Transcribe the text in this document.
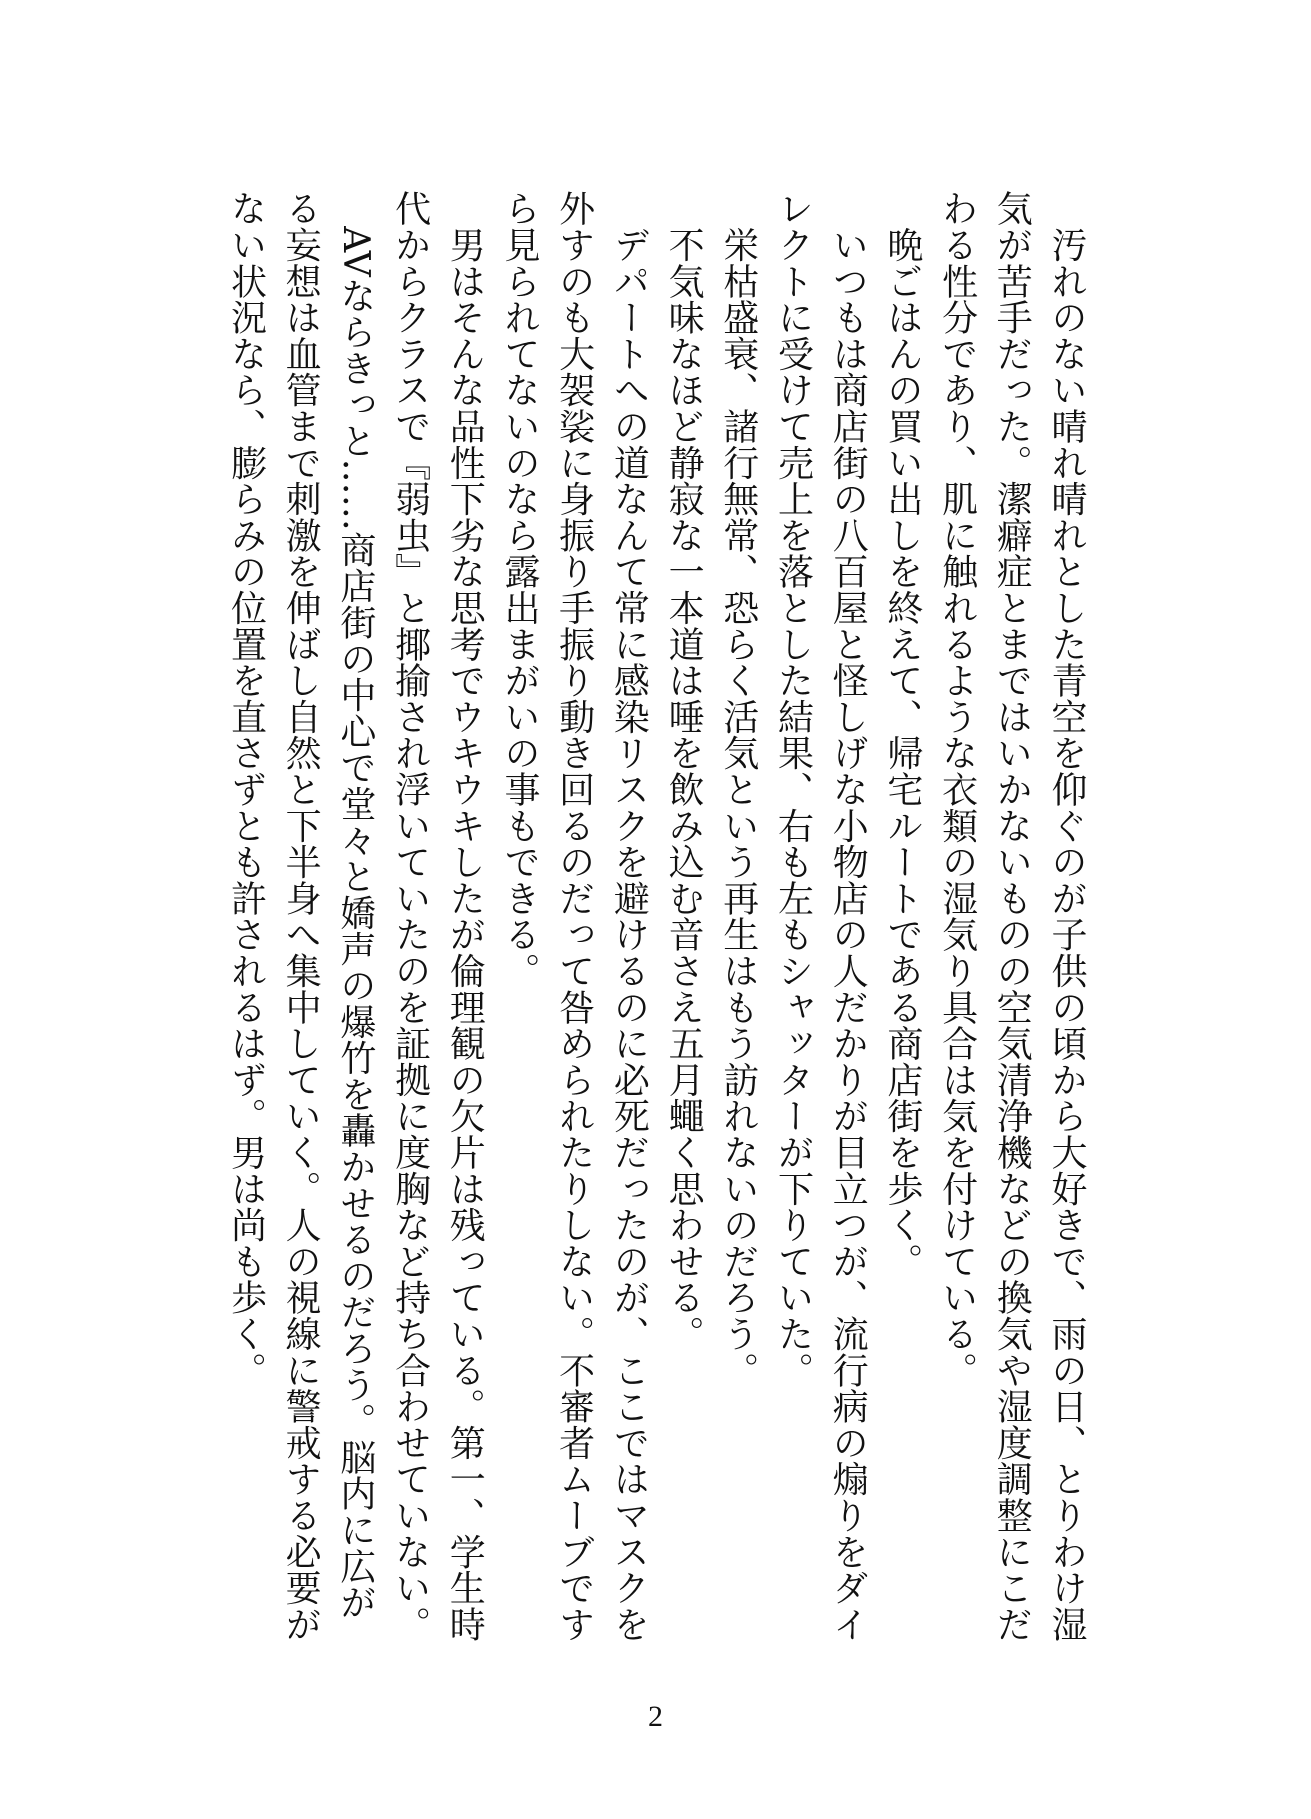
　汚れのない晴れ晴れとした青空を仰ぐのが子供の頃から大好きで、雨の日、とりわけ湿
気が苦手だった。潔癖症とまではいかないものの空気清浄機などの換気や湿度調整にこだ
わる性分であり、肌に触れるような衣類の湿気り具合は気を付けている。
　晩ごはんの買い出しを終えて、帰宅ルートである商店街を歩く。
　いつもは商店街の八百屋と怪しげな小物店の人だかりが目立つが、流行病の煽りをダイ
レクトに受けて売上を落とした結果、右も左もシャッターが下りていた。
　栄枯盛衰、諸行無常、恐らく活気という再生はもう訪れないのだろう。
　不気味なほど静寂な一本道は唾を飲み込む音さえ五月蠅く思わせる。
　デパートへの道なんて常に感染リスクを避けるのに必死だったのが、ここではマスクを
外すのも大袈裟に身振り手振り動き回るのだって咎められたりしない。不審者ムーブです
ら見られてないのなら露出まがいの事もできる。
　男はそんな品性下劣な思考でウキウキしたが倫理観の欠片は残っている。第一、学生時
代からクラスで『弱虫』と揶揄され浮いていたのを証拠に度胸など持ち合わせていない。
　AVならきっと……商店街の中心で堂々と嬌声の爆竹を轟かせるのだろう。脳内に広が
る妄想は血管まで刺激を伸ばし自然と下半身へ集中していく。人の視線に警戒する必要が
ない状況なら、膨らみの位置を直さずとも許されるはず。男は尚も歩く。
2
